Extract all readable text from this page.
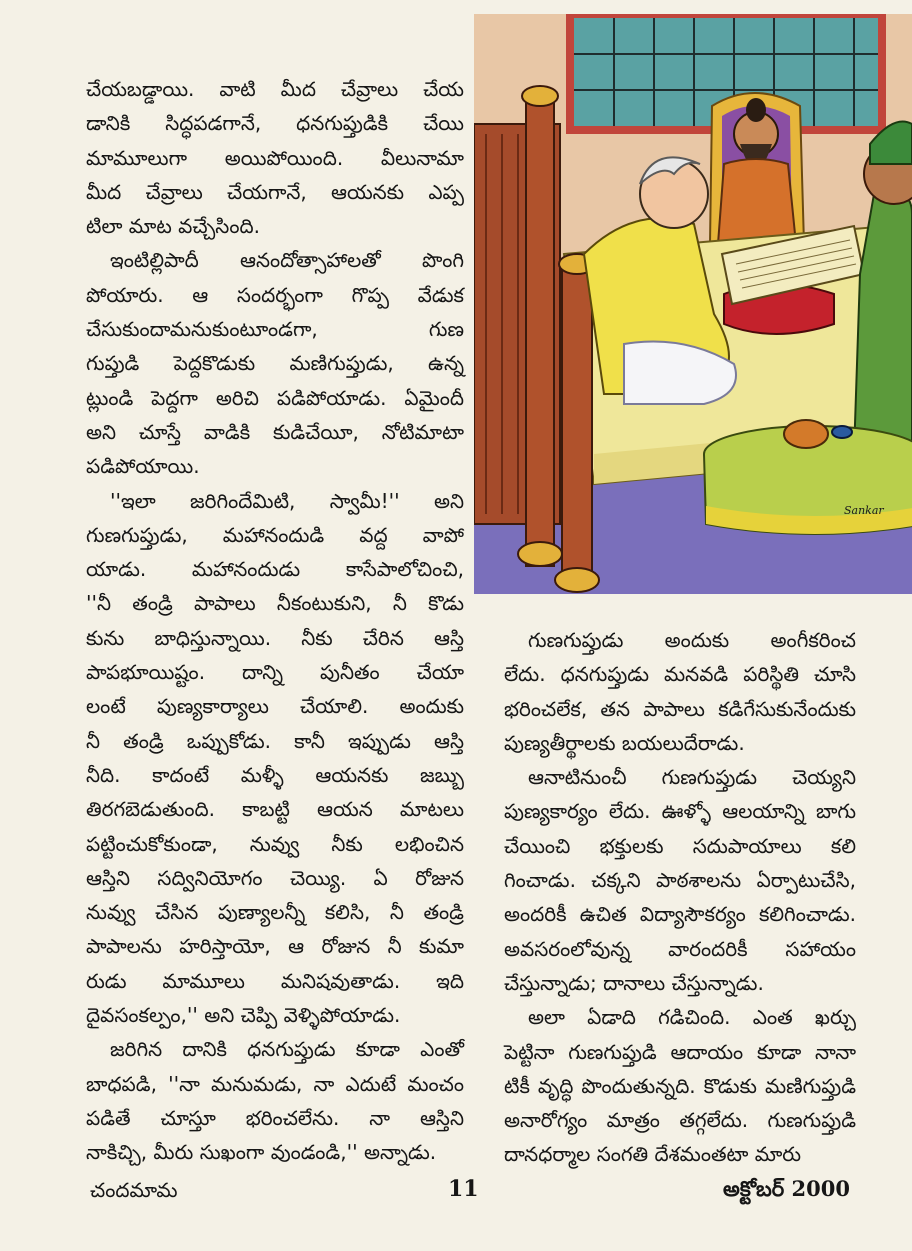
చేయబడ్డాయి. వాటి మీద చేవ్రాలు చేయ
డానికి సిద్ధపడగానే, ధనగుప్తుడికి చేయి
మామూలుగా అయిపోయింది. వీలునామా
మీద చేవ్రాలు చేయగానే, ఆయనకు ఎప్ప
టిలా మాట వచ్చేసింది.
ఇంటిల్లిపాదీ ఆనందోత్సాహాలతో పొంగి
పోయారు. ఆ సందర్భంగా గొప్ప వేడుక
చేసుకుందామనుకుంటూండగా, గుణ
గుప్తుడి పెద్దకొడుకు మణిగుప్తుడు, ఉన్న
ట్లుండి పెద్దగా అరిచి పడిపోయాడు. ఏమైందీ
అని చూస్తే వాడికి కుడిచేయీ, నోటిమాటా
పడిపోయాయి.
''ఇలా జరిగిందేమిటి, స్వామీ!'' అని
గుణగుప్తుడు, మహానందుడి వద్ద వాపో
యాడు. మహానందుడు కాసేపాలోచించి,
''నీ తండ్రి పాపాలు నీకంటుకుని, నీ కొడు
కును బాధిస్తున్నాయి. నీకు చేరిన ఆస్తి
పాపభూయిష్టం. దాన్ని పునీతం చేయా
లంటే పుణ్యకార్యాలు చేయాలి. అందుకు
నీ తండ్రి ఒప్పుకోడు. కానీ ఇప్పుడు ఆస్తి
నీది. కాదంటే మళ్ళీ ఆయనకు జబ్బు
తిరగబెడుతుంది. కాబట్టి ఆయన మాటలు
పట్టించుకోకుండా, నువ్వు నీకు లభించిన
ఆస్తిని సద్వినియోగం చెయ్యి. ఏ రోజున
నువ్వు చేసిన పుణ్యాలన్నీ కలిసి, నీ తండ్రి
పాపాలను హరిస్తాయో, ఆ రోజున నీ కుమా
రుడు మామూలు మనిషవుతాడు. ఇది
దైవసంకల్పం,'' అని చెప్పి వెళ్ళిపోయాడు.
జరిగిన దానికి ధనగుప్తుడు కూడా ఎంతో
బాధపడి, ''నా మనుమడు, నా ఎదుటే మంచం
పడితే చూస్తూ భరించలేను. నా ఆస్తిని
నాకిచ్చి, మీరు సుఖంగా వుండండి,'' అన్నాడు.
Sankar
గుణగుప్తుడు అందుకు అంగీకరించ
లేదు. ధనగుప్తుడు మనవడి పరిస్థితి చూసి
భరించలేక, తన పాపాలు కడిగేసుకునేందుకు
పుణ్యతీర్థాలకు బయలుదేరాడు.
ఆనాటినుంచీ గుణగుప్తుడు చెయ్యని
పుణ్యకార్యం లేదు. ఊళ్ళో ఆలయాన్ని బాగు
చేయించి భక్తులకు సదుపాయాలు కలి
గించాడు. చక్కని పాఠశాలను ఏర్పాటుచేసి,
అందరికీ ఉచిత విద్యాసౌకర్యం కలిగించాడు.
అవసరంలోవున్న వారందరికీ సహాయం
చేస్తున్నాడు; దానాలు చేస్తున్నాడు.
అలా ఏడాది గడిచింది. ఎంత ఖర్చు
పెట్టినా గుణగుప్తుడి ఆదాయం కూడా నానా
టికీ వృద్ధి పొందుతున్నది. కొడుకు మణిగుప్తుడి
అనారోగ్యం మాత్రం తగ్గలేదు. గుణగుప్తుడి
దానధర్మాల సంగతి దేశమంతటా మారు
చందమామ	11	అక్టోబర్ 2000
